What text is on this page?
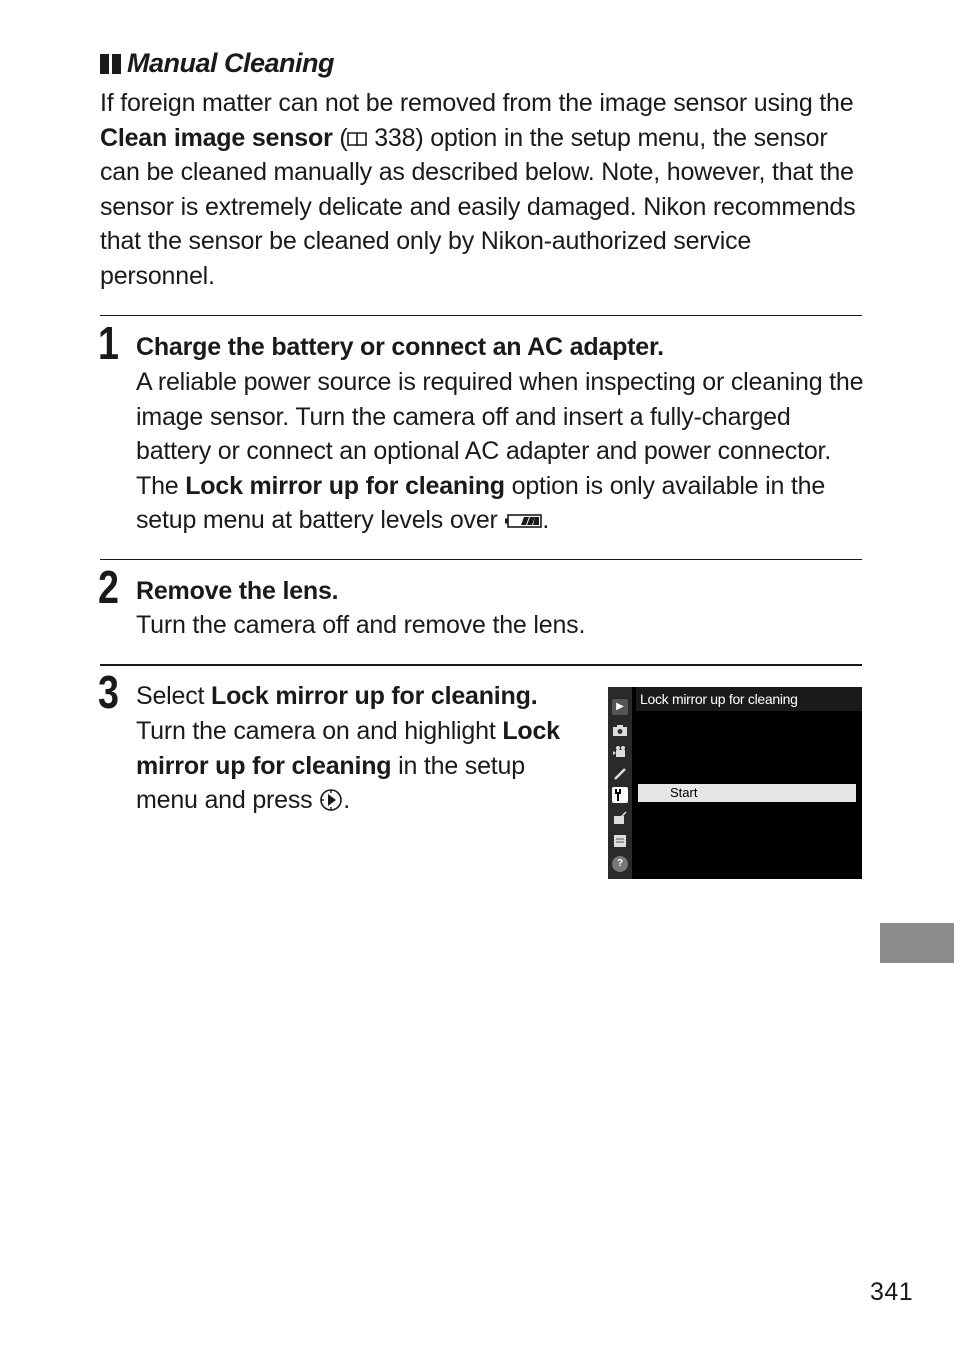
Manual Cleaning
If foreign matter can not be removed from the image sensor using the Clean image sensor ( 338) option in the setup menu, the sensor can be cleaned manually as described below. Note, however, that the sensor is extremely delicate and easily damaged. Nikon recommends that the sensor be cleaned only by Nikon-authorized service personnel.
1 Charge the battery or connect an AC adapter.
A reliable power source is required when inspecting or cleaning the image sensor. Turn the camera off and insert a fully-charged battery or connect an optional AC adapter and power connector. The Lock mirror up for cleaning option is only available in the setup menu at battery levels over .
2 Remove the lens.
Turn the camera off and remove the lens.
3 Select Lock mirror up for cleaning.
Turn the camera on and highlight Lock mirror up for cleaning in the setup menu and press .
▶
?
Lock mirror up for cleaning
Start
341
